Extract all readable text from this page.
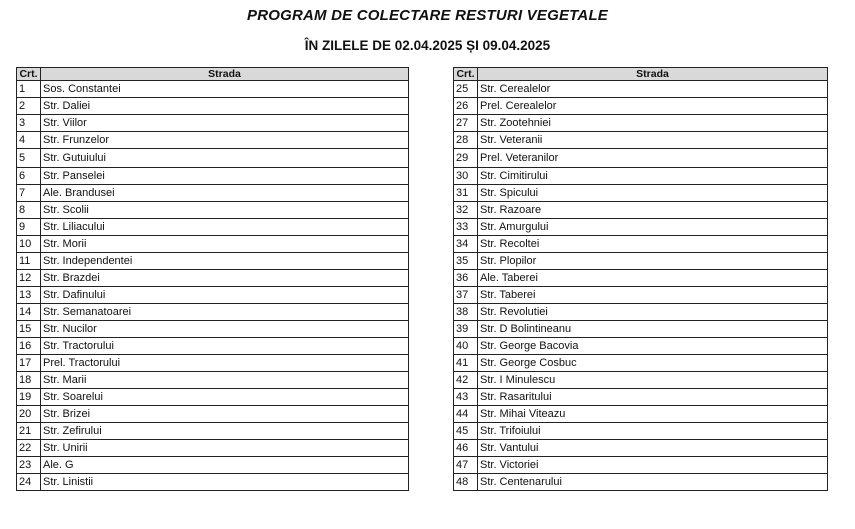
PROGRAM DE COLECTARE RESTURI VEGETALE
ÎN ZILELE DE 02.04.2025 ȘI 09.04.2025
Crt.	Strada
1	Sos. Constantei
2	Str. Daliei
3	Str. Viilor
4	Str. Frunzelor
5	Str. Gutuiului
6	Str. Panselei
7	Ale. Brandusei
8	Str. Scolii
9	Str. Liliacului
10	Str. Morii
11	Str. Independentei
12	Str. Brazdei
13	Str. Dafinului
14	Str. Semanatoarei
15	Str. Nucilor
16	Str. Tractorului
17	Prel. Tractorului
18	Str. Marii
19	Str. Soarelui
20	Str. Brizei
21	Str. Zefirului
22	Str. Unirii
23	Ale. G
24	Str. Linistii
Crt.	Strada
25	Str. Cerealelor
26	Prel. Cerealelor
27	Str. Zootehniei
28	Str. Veteranii
29	Prel. Veteranilor
30	Str. Cimitirului
31	Str. Spicului
32	Str. Razoare
33	Str. Amurgului
34	Str. Recoltei
35	Str. Plopilor
36	Ale. Taberei
37	Str. Taberei
38	Str. Revolutiei
39	Str. D Bolintineanu
40	Str. George Bacovia
41	Str. George Cosbuc
42	Str. I Minulescu
43	Str. Rasaritului
44	Str. Mihai Viteazu
45	Str. Trifoiului
46	Str. Vantului
47	Str. Victoriei
48	Str. Centenarului
